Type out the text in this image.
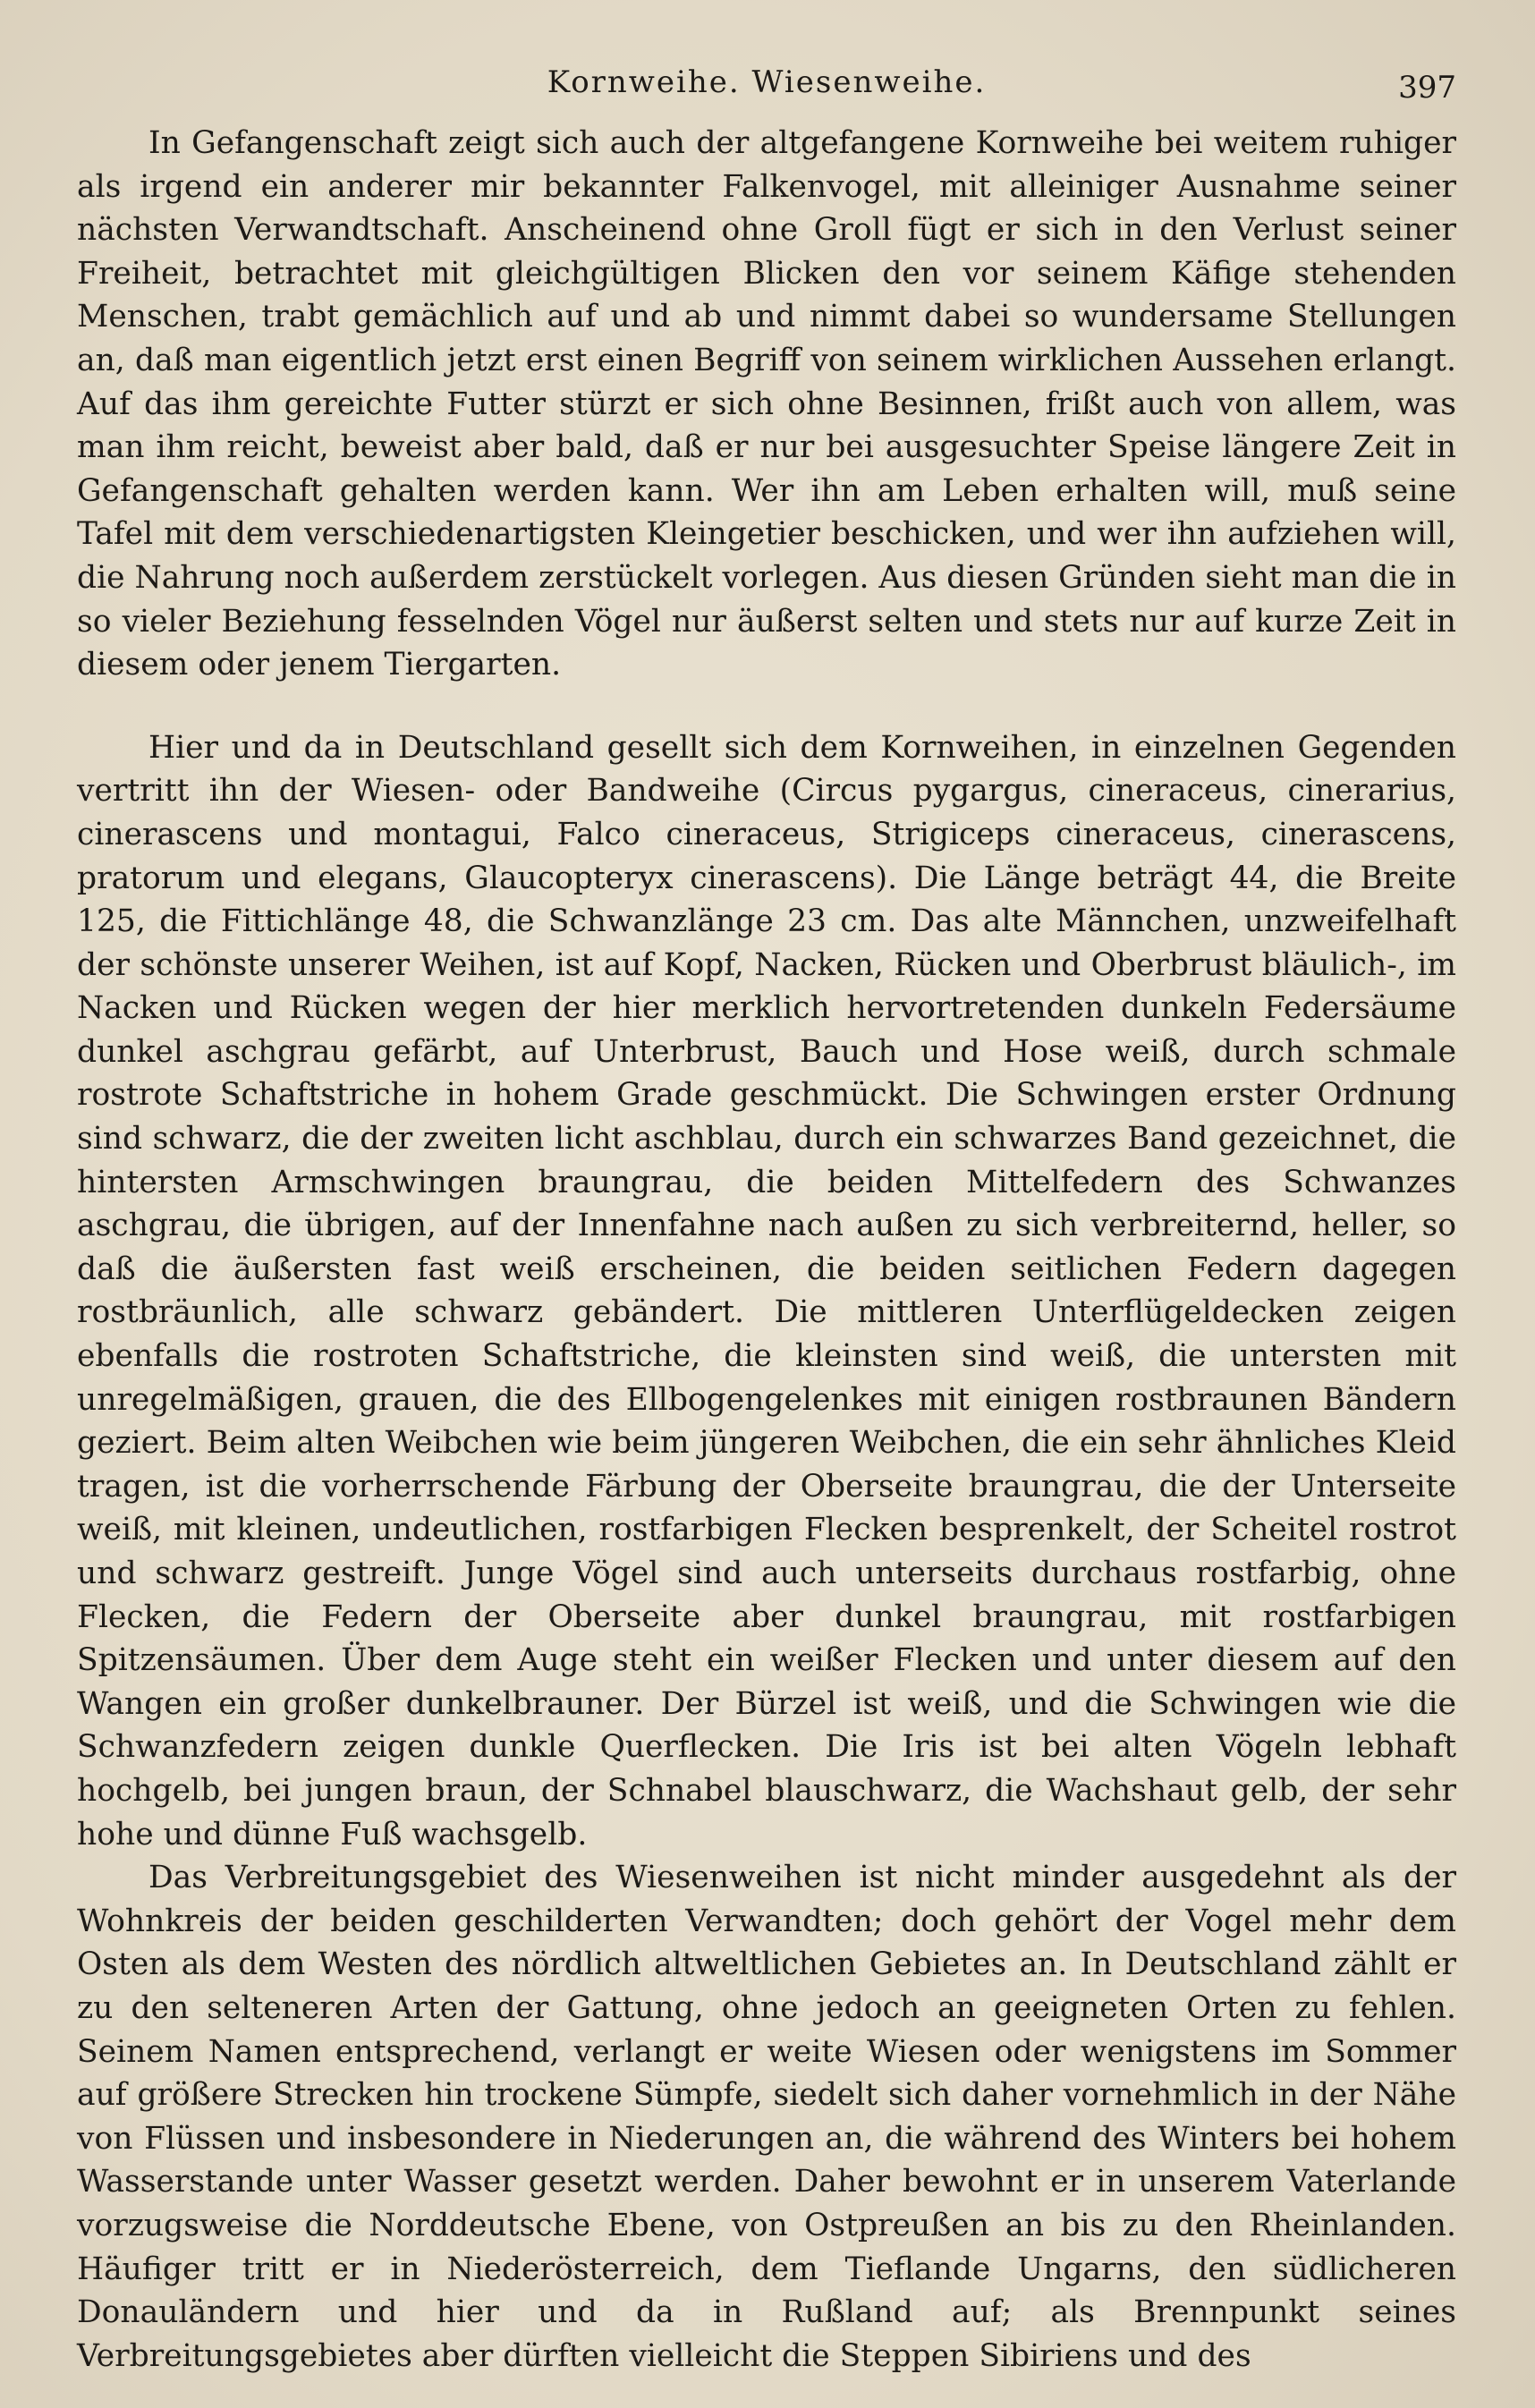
Kornweihe. Wiesenweihe.	397

In Gefangenschaft zeigt sich auch der altgefangene Kornweihe bei weitem ruhiger als irgend ein anderer mir bekannter Falkenvogel, mit alleiniger Ausnahme seiner nächsten Verwandtschaft. Anscheinend ohne Groll fügt er sich in den Verlust seiner Freiheit, betrachtet mit gleichgültigen Blicken den vor seinem Käfige stehenden Menschen, trabt gemächlich auf und ab und nimmt dabei so wundersame Stellungen an, daß man eigentlich jetzt erst einen Begriff von seinem wirklichen Aussehen erlangt. Auf das ihm gereichte Futter stürzt er sich ohne Besinnen, frißt auch von allem, was man ihm reicht, beweist aber bald, daß er nur bei ausgesuchter Speise längere Zeit in Gefangenschaft gehalten werden kann. Wer ihn am Leben erhalten will, muß seine Tafel mit dem verschiedenartigsten Kleingetier beschicken, und wer ihn aufziehen will, die Nahrung noch außerdem zerstückelt vorlegen. Aus diesen Gründen sieht man die in so vieler Beziehung fesselnden Vögel nur äußerst selten und stets nur auf kurze Zeit in diesem oder jenem Tiergarten.

Hier und da in Deutschland gesellt sich dem Kornweihen, in einzelnen Gegenden vertritt ihn der Wiesen- oder Bandweihe (Circus pygargus, cineraceus, cinerarius, cinerascens und montagui, Falco cineraceus, Strigiceps cineraceus, cinerascens, pratorum und elegans, Glaucopteryx cinerascens). Die Länge beträgt 44, die Breite 125, die Fittichlänge 48, die Schwanzlänge 23 cm. Das alte Männchen, unzweifelhaft der schönste unserer Weihen, ist auf Kopf, Nacken, Rücken und Oberbrust bläulich-, im Nacken und Rücken wegen der hier merklich hervortretenden dunkeln Federsäume dunkel aschgrau gefärbt, auf Unterbrust, Bauch und Hose weiß, durch schmale rostrote Schaftstriche in hohem Grade geschmückt. Die Schwingen erster Ordnung sind schwarz, die der zweiten licht aschblau, durch ein schwarzes Band gezeichnet, die hintersten Armschwingen braungrau, die beiden Mittelfedern des Schwanzes aschgrau, die übrigen, auf der Innenfahne nach außen zu sich verbreiternd, heller, so daß die äußersten fast weiß erscheinen, die beiden seitlichen Federn dagegen rostbräunlich, alle schwarz gebändert. Die mittleren Unterflügeldecken zeigen ebenfalls die rostroten Schaftstriche, die kleinsten sind weiß, die untersten mit unregelmäßigen, grauen, die des Ellbogengelenkes mit einigen rostbraunen Bändern geziert. Beim alten Weibchen wie beim jüngeren Weibchen, die ein sehr ähnliches Kleid tragen, ist die vorherrschende Färbung der Oberseite braungrau, die der Unterseite weiß, mit kleinen, undeutlichen, rostfarbigen Flecken besprenkelt, der Scheitel rostrot und schwarz gestreift. Junge Vögel sind auch unterseits durchaus rostfarbig, ohne Flecken, die Federn der Oberseite aber dunkel braungrau, mit rostfarbigen Spitzensäumen. Über dem Auge steht ein weißer Flecken und unter diesem auf den Wangen ein großer dunkelbrauner. Der Bürzel ist weiß, und die Schwingen wie die Schwanzfedern zeigen dunkle Querflecken. Die Iris ist bei alten Vögeln lebhaft hochgelb, bei jungen braun, der Schnabel blauschwarz, die Wachshaut gelb, der sehr hohe und dünne Fuß wachsgelb.

Das Verbreitungsgebiet des Wiesenweihen ist nicht minder ausgedehnt als der Wohnkreis der beiden geschilderten Verwandten; doch gehört der Vogel mehr dem Osten als dem Westen des nördlich altweltlichen Gebietes an. In Deutschland zählt er zu den selteneren Arten der Gattung, ohne jedoch an geeigneten Orten zu fehlen. Seinem Namen entsprechend, verlangt er weite Wiesen oder wenigstens im Sommer auf größere Strecken hin trockene Sümpfe, siedelt sich daher vornehmlich in der Nähe von Flüssen und insbesondere in Niederungen an, die während des Winters bei hohem Wasserstande unter Wasser gesetzt werden. Daher bewohnt er in unserem Vaterlande vorzugsweise die Norddeutsche Ebene, von Ostpreußen an bis zu den Rheinlanden. Häufiger tritt er in Niederösterreich, dem Tieflande Ungarns, den südlicheren Donauländern und hier und da in Rußland auf; als Brennpunkt seines Verbreitungsgebietes aber dürften vielleicht die Steppen Sibiriens und des
